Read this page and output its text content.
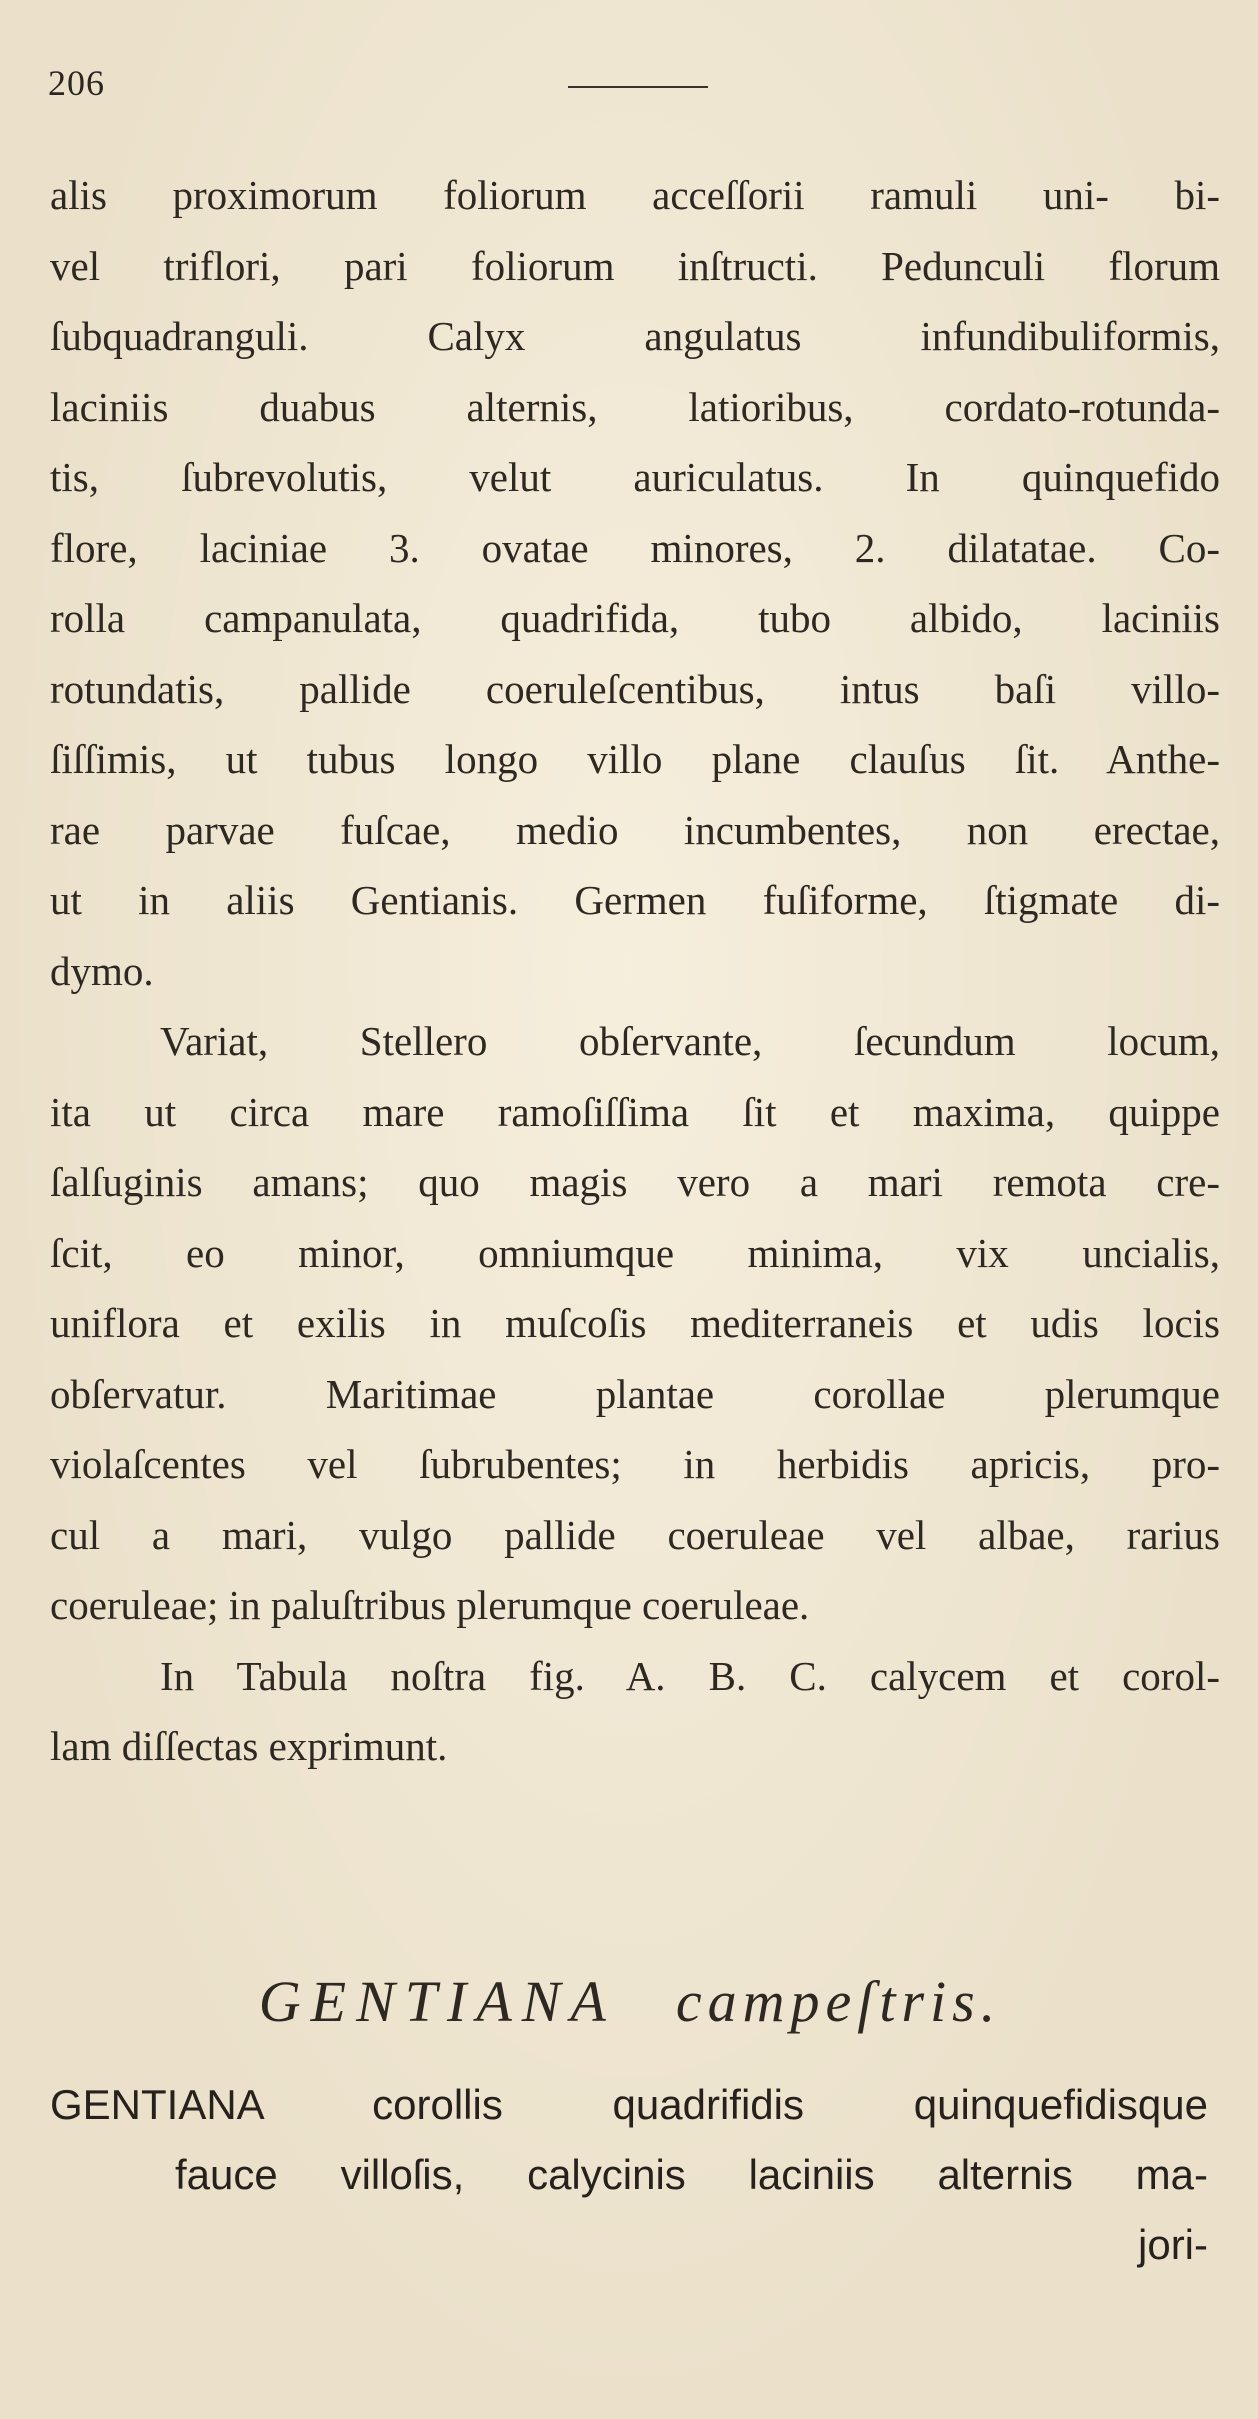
206
alis proximorum foliorum acceſſorii ramuli uni- bi-
vel triflori, pari foliorum inſtructi. Pedunculi florum
ſubquadranguli. Calyx angulatus infundibuliformis,
laciniis duabus alternis, latioribus, cordato-rotunda-
tis, ſubrevolutis, velut auriculatus. In quinquefido
flore, laciniae 3. ovatae minores, 2. dilatatae. Co-
rolla campanulata, quadrifida, tubo albido, laciniis
rotundatis, pallide coeruleſcentibus, intus baſi villo-
ſiſſimis, ut tubus longo villo plane clauſus ſit. Anthe-
rae parvae fuſcae, medio incumbentes, non erectae,
ut in aliis Gentianis. Germen fuſiforme, ſtigmate di-
dymo.
Variat, Stellero obſervante, ſecundum locum,
ita ut circa mare ramoſiſſima ſit et maxima, quippe
ſalſuginis amans; quo magis vero a mari remota cre-
ſcit, eo minor, omniumque minima, vix uncialis,
uniflora et exilis in muſcoſis mediterraneis et udis locis
obſervatur. Maritimae plantae corollae plerumque
violaſcentes vel ſubrubentes; in herbidis apricis, pro-
cul a mari, vulgo pallide coeruleae vel albae, rarius
coeruleae; in paluſtribus plerumque coeruleae.
In Tabula noſtra fig. A. B. C. calycem et corol-
lam diſſectas exprimunt.
GENTIANA campeſtris.
GENTIANA corollis quadrifidis quinquefidisque
fauce villoſis, calycinis laciniis alternis ma-
jori-
